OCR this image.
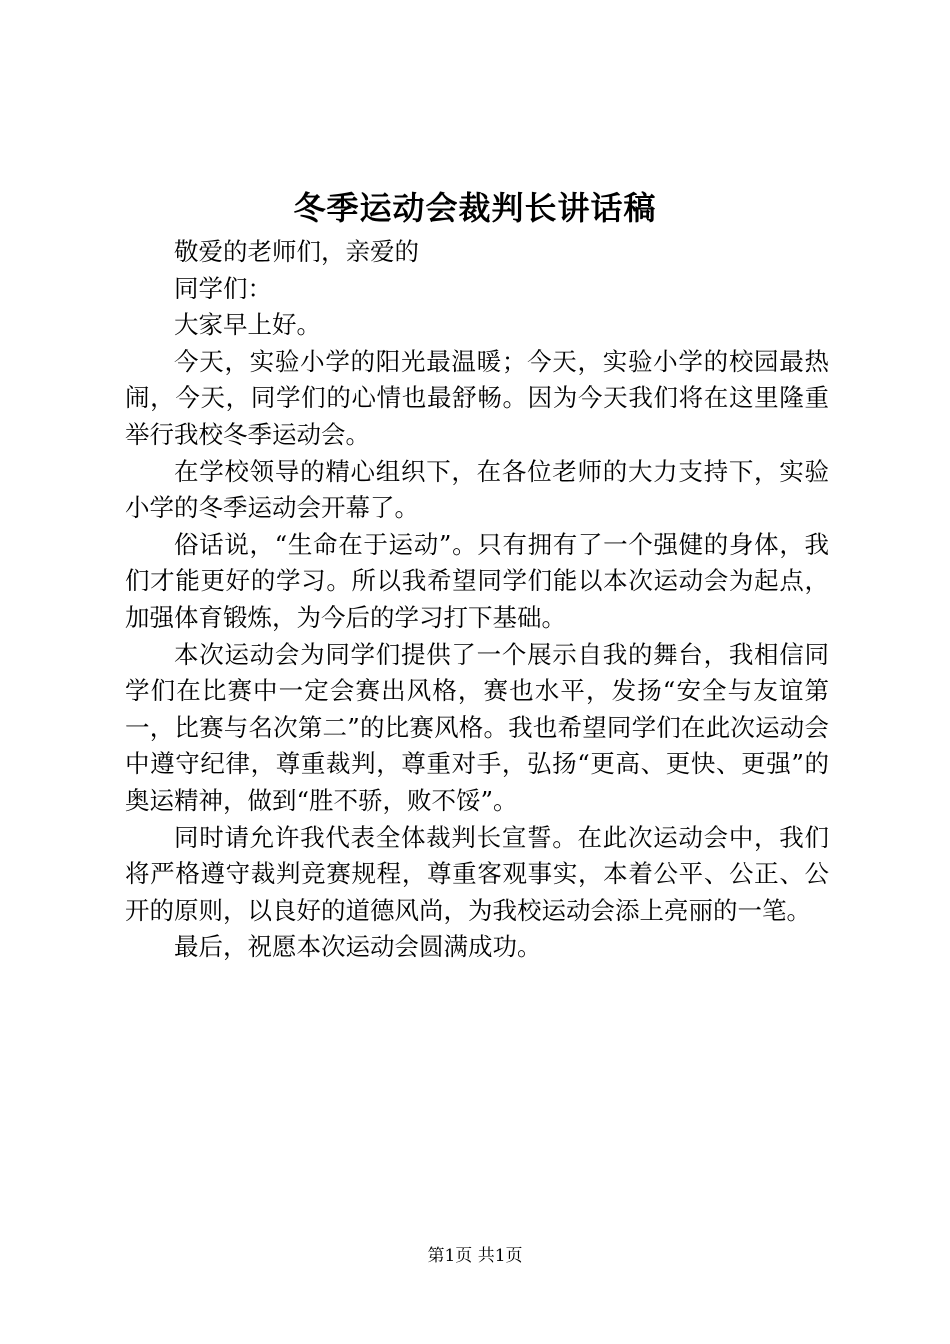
冬季运动会裁判长讲话稿

敬爱的老师们，亲爱的

同学们：

大家早上好。

今天，实验小学的阳光最温暖；今天，实验小学的校园最热闹，今天，同学们的心情也最舒畅。因为今天我们将在这里隆重举行我校冬季运动会。

在学校领导的精心组织下，在各位老师的大力支持下，实验小学的冬季运动会开幕了。

俗话说，“生命在于运动”。只有拥有了一个强健的身体，我们才能更好的学习。所以我希望同学们能以本次运动会为起点，加强体育锻炼，为今后的学习打下基础。

本次运动会为同学们提供了一个展示自我的舞台，我相信同学们在比赛中一定会赛出风格，赛也水平，发扬“安全与友谊第一，比赛与名次第二”的比赛风格。我也希望同学们在此次运动会中遵守纪律，尊重裁判，尊重对手，弘扬“更高、更快、更强”的奥运精神，做到“胜不骄，败不馁”。

同时请允许我代表全体裁判长宣誓。在此次运动会中，我们将严格遵守裁判竞赛规程，尊重客观事实，本着公平、公正、公开的原则，以良好的道德风尚，为我校运动会添上亮丽的一笔。

最后，祝愿本次运动会圆满成功。

第1页 共1页
